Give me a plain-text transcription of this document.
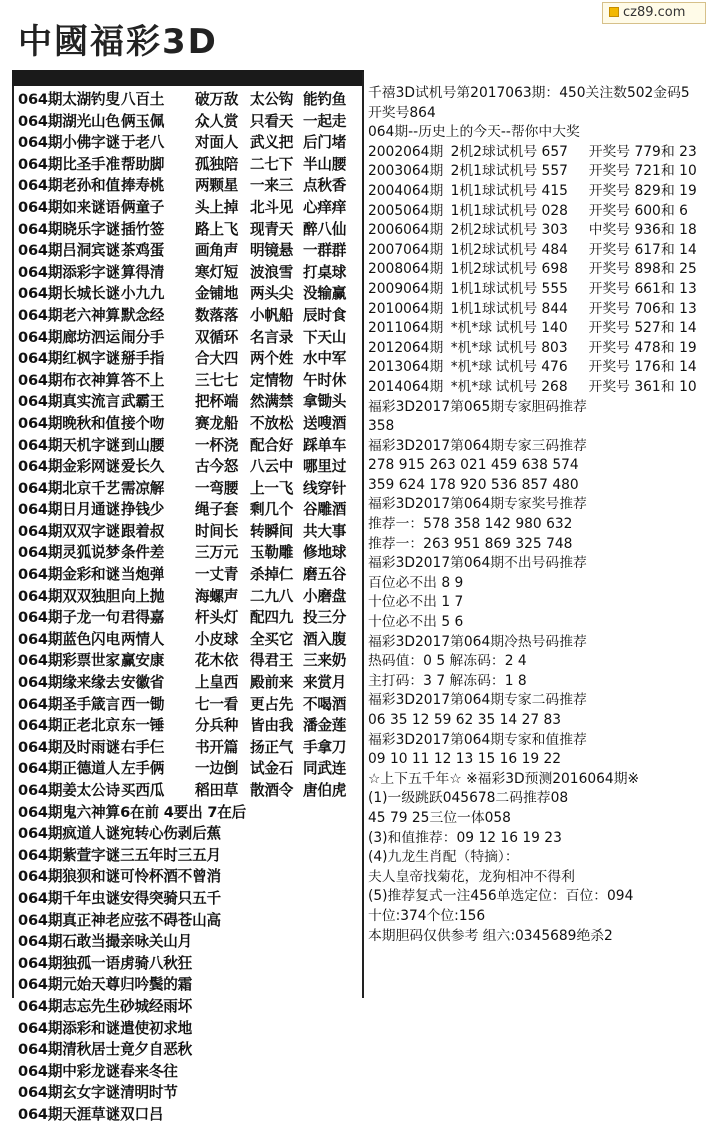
中國福彩3D
cz89.com
064期太湖钓叟 八百土	破万敌 太公钩 能钓鱼
064期湖光山色 俩玉佩	众人赏 只看天 一起走
064期小佛字谜 于老八	对面人 武义把 后门堵
064期比圣手准 帮助脚	孤独陪 二七下 半山腰
064期老孙和值 捧寿桃	两颗星 一来三 点秋香
064期如来谜语 俩童子	头上掉 北斗见 心痒痒
064期晓乐字谜 插竹签	路上飞 现青天 醉八仙
064期吕洞宾谜 茶鸡蛋	画角声 明镜悬 一群群
064期添彩字谜 算得清	寒灯短 波浪雪 打桌球
064期长城长谜 小九九	金铺地 两头尖 没输赢
064期老六神算 默念经	数落落 小帆船 辰时食
064期廊坊泗运 闹分手	双循环 名言录 下天山
064期红枫字谜 掰手指	合大四 两个姓 水中军
064期布衣神算 答不上	三七七 定情物 午时休
064期真实流言 武霸王	把杯端 然满禁 拿锄头
064期晚秋和值 接个吻	赛龙船 不放松 送嗖酒
064期天机字谜 到山腰	一杯浇 配合好 踩单车
064期金彩网谜 爱长久	古今怒 八云中 哪里过
064期北京千艺 需凉解	一弯腰 上一飞 线穿针
064期日月通谜 挣钱少	绳子套 剩几个 谷雕酒
064期双双字谜 跟着叔	时间长 转瞬间 共大事
064期灵狐说梦 条件差	三万元 玉勒雕 修地球
064期金彩和谜 当炮弹	一丈青 杀掉仁 磨五谷
064期双双独胆 向上抛	海螺声 二九八 小磨盘
064期子龙一句 君得嘉	杆头灯 配四九 投三分
064期蓝色闪电 两情人	小皮球 全买它 酒入腹
064期彩票世家 赢安康	花木依 得君王 三来奶
064期缘来缘去 安徽省	上皇西 殿前来 来赏月
064期圣手箴言 西一锄	七一看 更占先 不喝酒
064期正老北京 东一锤	分兵种 皆由我 潘金莲
064期及时雨谜 右手仨	书开篇 扬正气 手拿刀
064期正德道人 左手俩	一边倒 试金石 同武连
064期姜太公诗 买西瓜	稻田草 散酒令 唐伯虎
064期鬼六神算 6在前 4要出 7在后
064期疯道人谜 宛转心伤剥后蕉
064期紫萱字谜 三五年时三五月
064期狼狈和谜 可怜杯酒不曾消
064期千年虫谜 安得突骑只五千
064期真正神老 应弦不碍苍山高
064期石敢当撮 亲咏关山月
064期独孤一语 虏骑八秋狂
064期元始天尊 归吟鬓的霜
064期志忘先生 砂城经雨坏
064期添彩和谜 遣使初求地
064期清秋居士 竟夕自恶秋
064期中彩龙谜 春来冬往
064期玄女字谜 清明时节
064期天涯草谜 双口吕
千禧3D试机号第2017063期：450关注数502金码5
开奖号864
064期--历史上的今天--帮你中大奖
2002064期 2机2球 试机号 657	开奖号 779 和 23
2003064期 2机1球 试机号 557	开奖号 721 和 10
2004064期 1机1球 试机号 415	开奖号 829 和 19
2005064期 1机1球 试机号 028	开奖号 600 和 6
2006064期 2机2球 试机号 303	中奖号 936 和 18
2007064期 1机2球 试机号 484	开奖号 617 和 14
2008064期 1机2球 试机号 698	开奖号 898 和 25
2009064期 1机1球 试机号 555	开奖号 661 和 13
2010064期 1机1球 试机号 844	开奖号 706 和 13
2011064期 *机*球 试机号 140	开奖号 527 和 14
2012064期 *机*球 试机号 803	开奖号 478 和 19
2013064期 *机*球 试机号 476	开奖号 176 和 14
2014064期 *机*球 试机号 268	开奖号 361 和 10
福彩3D2017第065期专家胆码推荐
358
福彩3D2017第064期专家三码推荐
278 915 263 021 459 638 574
359 624 178 920 536 857 480
福彩3D2017第064期专家奖号推荐
推荐一：578 358 142 980 632
推荐一：263 951 869 325 748
福彩3D2017第064期不出号码推荐
百位必不出 8 9
十位必不出 1 7
十位必不出 5 6
福彩3D2017第064期冷热号码推荐
热码值：0 5 解冻码：2 4
主打码：3 7 解冻码：1 8
福彩3D2017第064期专家二码推荐
06 35 12 59 62 35 14 27 83
福彩3D2017第064期专家和值推荐
09 10 11 12 13 15 16 19 22
☆上下五千年☆ ※福彩3D预测2016064期※
(1)一级跳跃045678二码推荐08
45 79 25三位一体058
(3)和值推荐：09 12 16 19 23
(4)九龙生肖配（特摘）：
夫人皇帝找菊花，龙狗相冲不得利
(5)推荐复式一注456单选定位：百位：094
十位:374个位:156
本期胆码仅供参考 组六:0345689绝杀2
